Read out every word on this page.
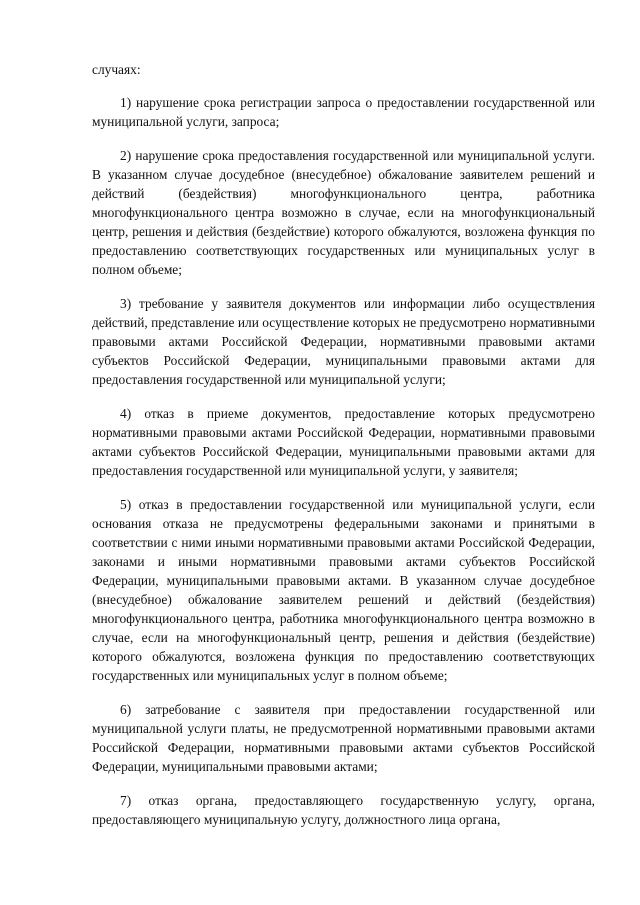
случаях:

1) нарушение срока регистрации запроса о предоставлении государственной или муниципальной услуги, запроса;

2) нарушение срока предоставления государственной или муниципальной услуги. В указанном случае досудебное (внесудебное) обжалование заявителем решений и действий (бездействия) многофункционального центра, работника многофункционального центра возможно в случае, если на многофункциональный центр, решения и действия (бездействие) которого обжалуются, возложена функция по предоставлению соответствующих государственных или муниципальных услуг в полном объеме;

3) требование у заявителя документов или информации либо осуществления действий, представление или осуществление которых не предусмотрено нормативными правовыми актами Российской Федерации, нормативными правовыми актами субъектов Российской Федерации, муниципальными правовыми актами для предоставления государственной или муниципальной услуги;

4) отказ в приеме документов, предоставление которых предусмотрено нормативными правовыми актами Российской Федерации, нормативными правовыми актами субъектов Российской Федерации, муниципальными правовыми актами для предоставления государственной или муниципальной услуги, у заявителя;

5) отказ в предоставлении государственной или муниципальной услуги, если основания отказа не предусмотрены федеральными законами и принятыми в соответствии с ними иными нормативными правовыми актами Российской Федерации, законами и иными нормативными правовыми актами субъектов Российской Федерации, муниципальными правовыми актами. В указанном случае досудебное (внесудебное) обжалование заявителем решений и действий (бездействия) многофункционального центра, работника многофункционального центра возможно в случае, если на многофункциональный центр, решения и действия (бездействие) которого обжалуются, возложена функция по предоставлению соответствующих государственных или муниципальных услуг в полном объеме;

6) затребование с заявителя при предоставлении государственной или муниципальной услуги платы, не предусмотренной нормативными правовыми актами Российской Федерации, нормативными правовыми актами субъектов Российской Федерации, муниципальными правовыми актами;

7) отказ органа, предоставляющего государственную услугу, органа, предоставляющего муниципальную услугу, должностного лица органа,
